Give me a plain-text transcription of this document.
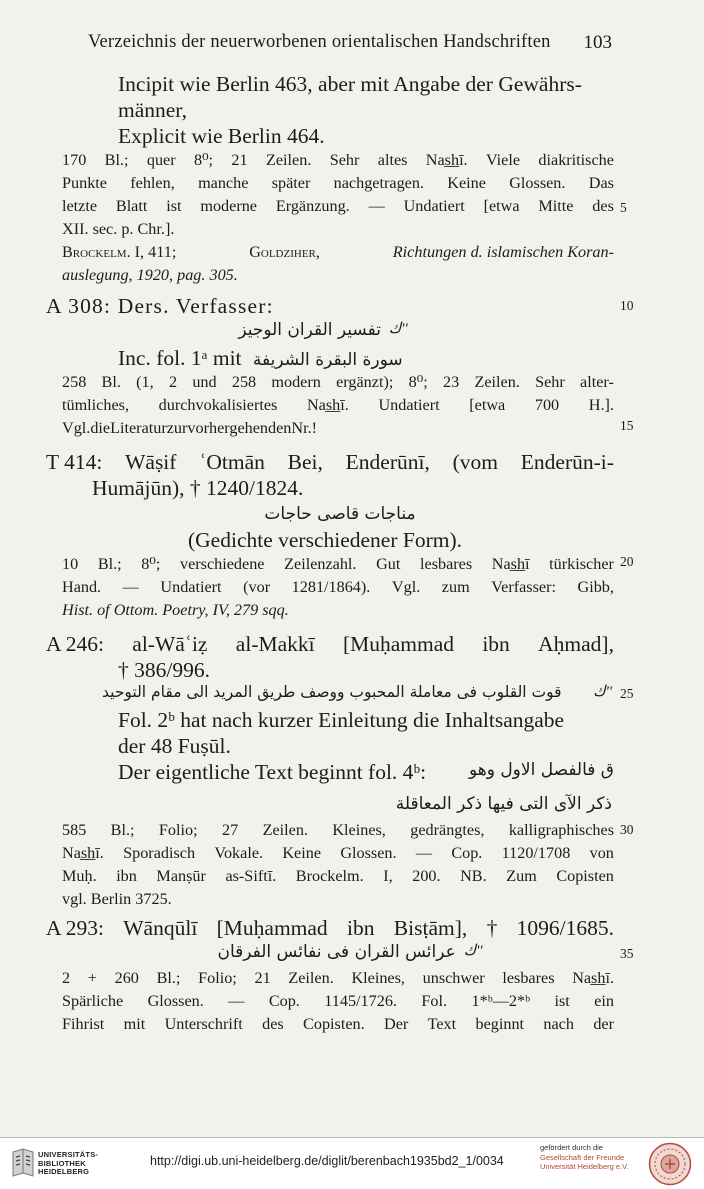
Verzeichnis der neuerworbenen orientalischen Handschriften 103
Incipit wie Berlin 463, aber mit Angabe der Gewährs-
männer,
Explicit wie Berlin 464.
170 Bl.; quer 8⁰; 21 Zeilen. Sehr altes Nas̲h̲ī. Viele diakritische
Punkte fehlen, manche später nachgetragen. Keine Glossen. Das
letzte Blatt ist moderne Ergänzung. — Undatiert [etwa Mitte des
XII. sec. p. Chr.].
Brockelm. I, 411;	Goldziher,	Richtungen d. islamischen Koran-
auslegung, 1920, pag. 305.
A 308: Ders. Verfasser:
''ك
تفسير القران الوجيز
Inc. fol. 1ᵃ mit سورة البقرة الشريفة
258 Bl. (1, 2 und 258 modern ergänzt); 8⁰; 23 Zeilen. Sehr alter-
tümliches, durchvokalisiertes Nas̲h̲ī. Undatiert [etwa 700 H.].
Vgl.dieLiteraturzurvorhergehendenNr.!
T 414: Wāṣif ʿOtmān Bei, Enderūnī, (vom Enderūn-i-
Humājūn), † 1240/1824.
مناجات قاصى حاجات
(Gedichte verschiedener Form).
10 Bl.; 8⁰; verschiedene Zeilenzahl. Gut lesbares Nas̲h̲ī türkischer
Hand. — Undatiert (vor 1281/1864). Vgl. zum Verfasser: Gibb,
Hist. of Ottom. Poetry, IV, 279 sqq.
A 246: al-Wāʿiẓ al-Makkī [Muḥammad ibn Aḥmad],
† 386/996.
''ك
قوت القلوب فى معاملة المحبوب ووصف طريق المريد الى مقام التوحيد
Fol. 2ᵇ hat nach kurzer Einleitung die Inhaltsangabe
der 48 Fuṣūl.
Der eigentliche Text beginnt fol. 4ᵇ:	ق فالفصل الاول وهو
ذكر الآى التى فيها ذكر المعاقلة
585 Bl.; Folio; 27 Zeilen. Kleines, gedrängtes, kalligraphisches
Nas̲h̲ī. Sporadisch Vokale. Keine Glossen. — Cop. 1120/1708 von
Muḥ. ibn Manṣūr as-Siftī. Brockelm. I, 200. NB. Zum Copisten
vgl. Berlin 3725.
A 293: Wānqūlī [Muḥammad ibn Bisṭām], † 1096/1685.
''ك
عرائس القران فى نفائس الفرقان
2 + 260 Bl.; Folio; 21 Zeilen. Kleines, unschwer lesbares Nas̲h̲ī.
Spärliche Glossen. — Cop. 1145/1726. Fol. 1*ᵇ—2*ᵇ ist ein
Fihrist mit Unterschrift des Copisten. Der Text beginnt nach der
5
10
15
20
25
30
35
UNIVERSITÄTS-
BIBLIOTHEK
HEIDELBERG
http://digi.ub.uni-heidelberg.de/diglit/berenbach1935bd2_1/0034
gefördert durch die
Gesellschaft der Freunde
Universität Heidelberg e.V.
